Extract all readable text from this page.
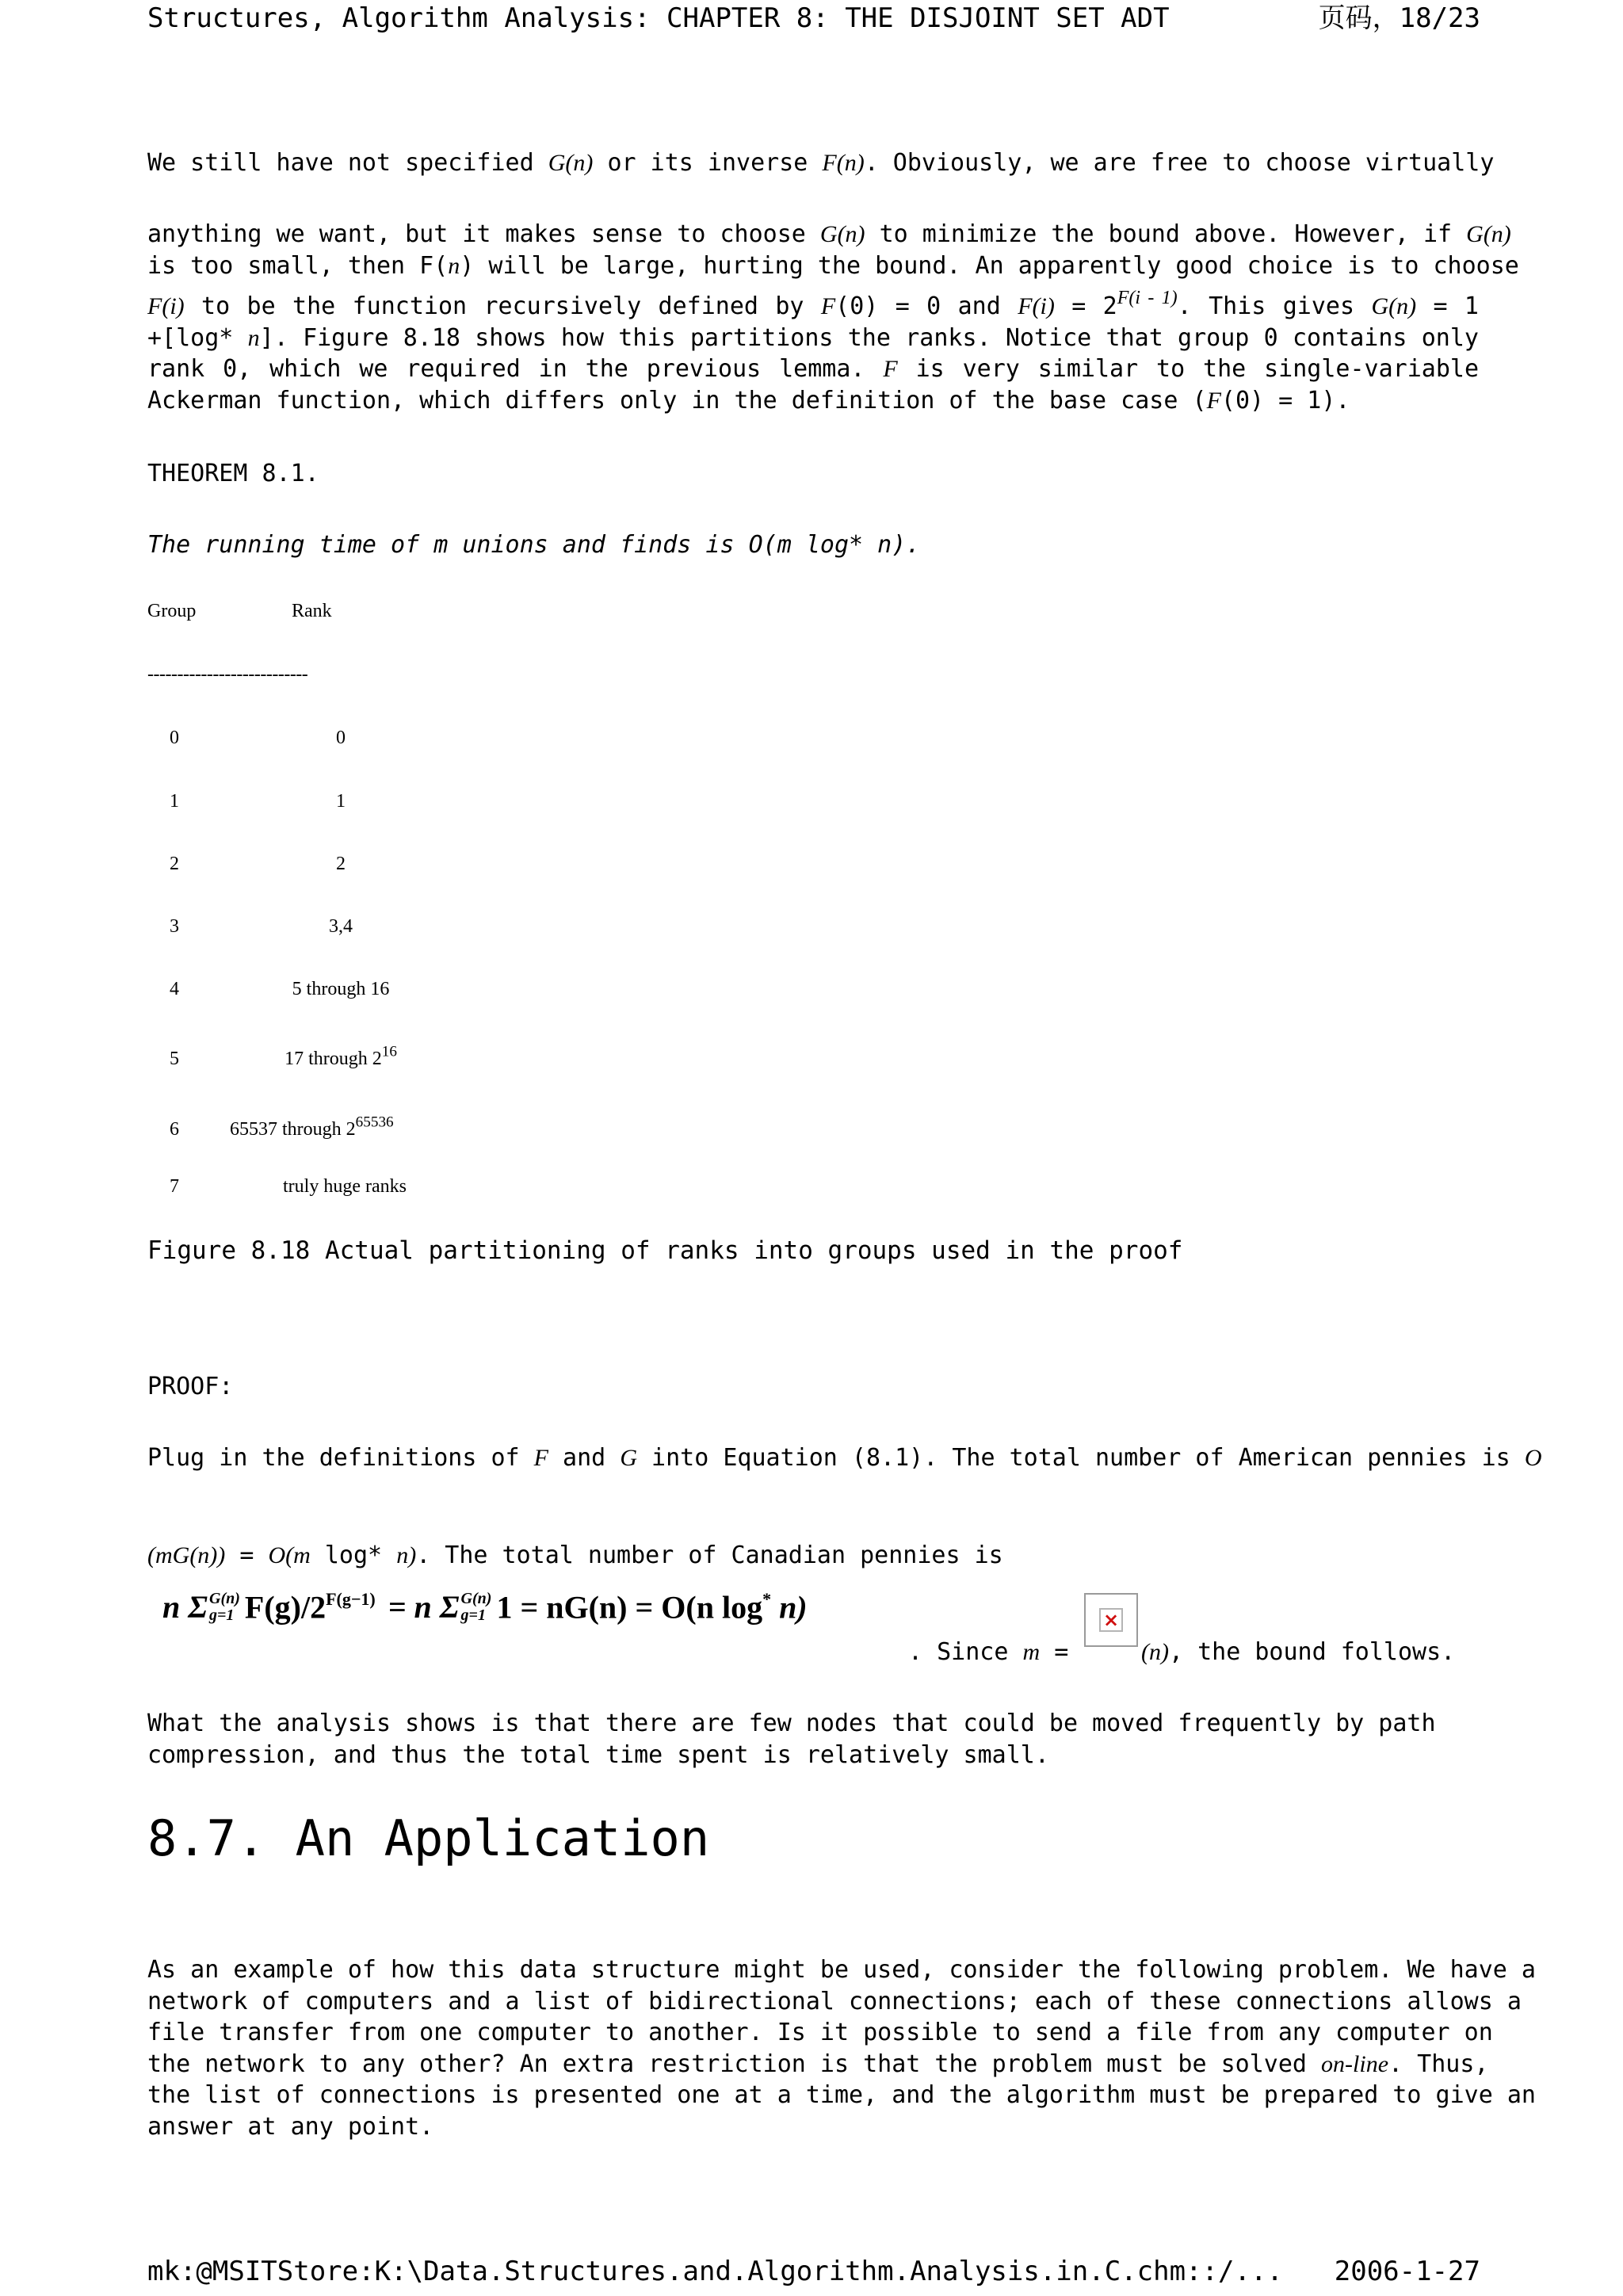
Structures, Algorithm Analysis: CHAPTER 8: THE DISJOINT SET ADT	页码，18/23
We still have not specified G(n) or its inverse F(n). Obviously, we are free to choose virtually
anything we want, but it makes sense to choose G(n) to minimize the bound above. However, if G(n)
is too small, then F(n) will be large, hurting the bound. An apparently good choice is to choose
F(i) to be the function recursively defined by F(0) = 0 and $F(i) = 2^{F(i - 1)}$. This gives G(n) = 1
+[log* n]. Figure 8.18 shows how this partitions the ranks. Notice that group 0 contains only
rank 0, which we required in the previous lemma. F is very similar to the single-variable
Ackerman function, which differs only in the definition of the base case (F(0) = 1).
THEOREM 8.1.
The running time of m unions and finds is O(m log* n).
Group	Rank
---------------------------
0	0
1	1
2	2
3	3,4
4	5 through 16
5	17 through $2^{16}$
6	65537 through $2^{65536}$
7	truly huge ranks
Figure 8.18 Actual partitioning of ranks into groups used in the proof
PROOF:
Plug in the definitions of F and G into Equation (8.1). The total number of American pennies is O
(mG(n)) = O(m log* n). The total number of Canadian pennies is
n Σ G(n)
g=1 $F(g)/2^{F(g-1)} = n$ Σ G(n)
g=1 1 = nG(n) = O(n log* n)
. Since m =
×
(n), the bound follows.
What the analysis shows is that there are few nodes that could be moved frequently by path
compression, and thus the total time spent is relatively small.
8.7. An Application
As an example of how this data structure might be used, consider the following problem. We have a
network of computers and a list of bidirectional connections; each of these connections allows a
file transfer from one computer to another. Is it possible to send a file from any computer on
the network to any other? An extra restriction is that the problem must be solved on-line. Thus,
the list of connections is presented one at a time, and the algorithm must be prepared to give an
answer at any point.
mk:@MSITStore:K:\Data.Structures.and.Algorithm.Analysis.in.C.chm::/...	2006-1-27
